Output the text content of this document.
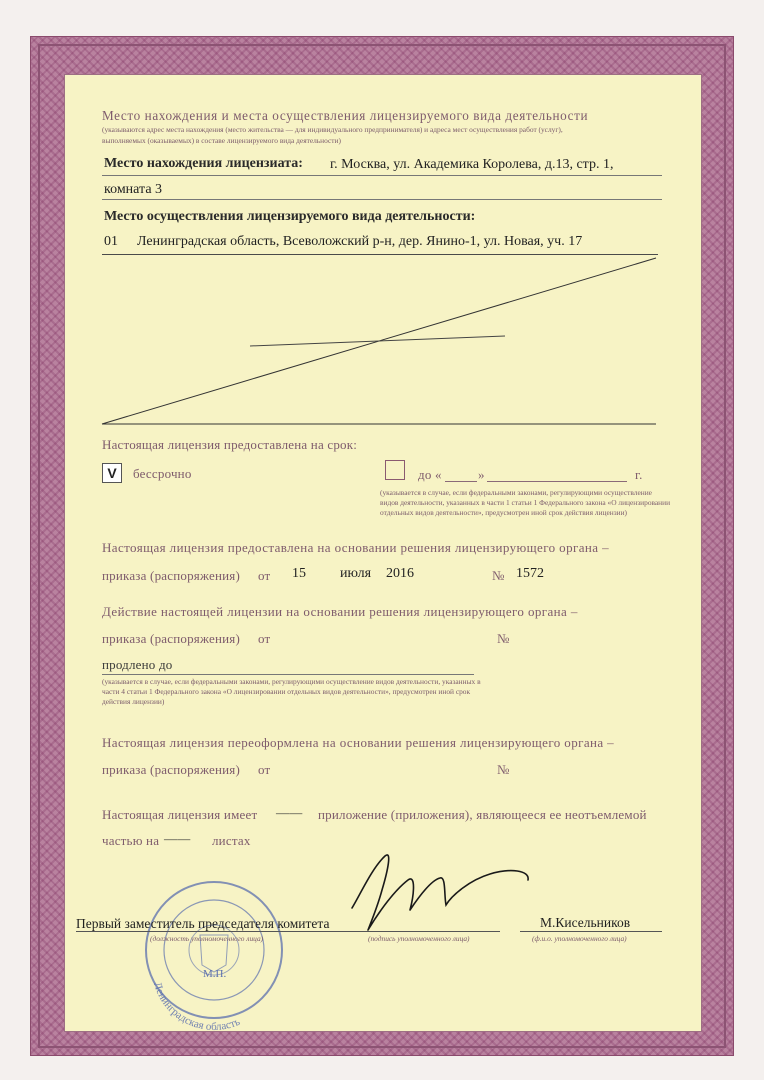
Место нахождения и места осуществления лицензируемого вида деятельности
(указываются адрес места нахождения (место жительства — для индивидуального предпринимателя) и адреса мест осуществления работ (услуг),
выполняемых (оказываемых) в составе лицензируемого вида деятельности)
Место нахождения лицензиата: г. Москва, ул. Академика Королева, д.13, стр. 1,
комната 3
Место осуществления лицензируемого вида деятельности:
01 Ленинградская область, Всеволожский р-н, дер. Янино-1, ул. Новая, уч. 17
Настоящая лицензия предоставлена на срок:
V	бессрочно	до «	»	г.
(указывается в случае, если федеральными законами, регулирующими осуществление видов деятельности, указанных в части 1 статьи 1 Федерального закона «О лицензировании отдельных видов деятельности», предусмотрен иной срок действия лицензии)
Настоящая лицензия предоставлена на основании решения лицензирующего органа –
приказа (распоряжения) от 15 июля 2016	№ 1572
Действие настоящей лицензии на основании решения лицензирующего органа –
приказа (распоряжения) от	№
продлено до
(указывается в случае, если федеральными законами, регулирующими осуществление видов деятельности, указанных в части 4 статьи 1 Федерального закона «О лицензировании отдельных видов деятельности», предусмотрен иной срок действия лицензии)
Настоящая лицензия переоформлена на основании решения лицензирующего органа –
приказа (распоряжения) от	№
Настоящая лицензия имеет —— приложение (приложения), являющееся ее неотъемлемой
частью на —— листах
Ленинградская область
М.П.
Первый заместитель председателя комитета
(должность уполномоченного лица)	(подпись уполномоченного лица)
М.Кисельников
(ф.и.о. уполномоченного лица)
